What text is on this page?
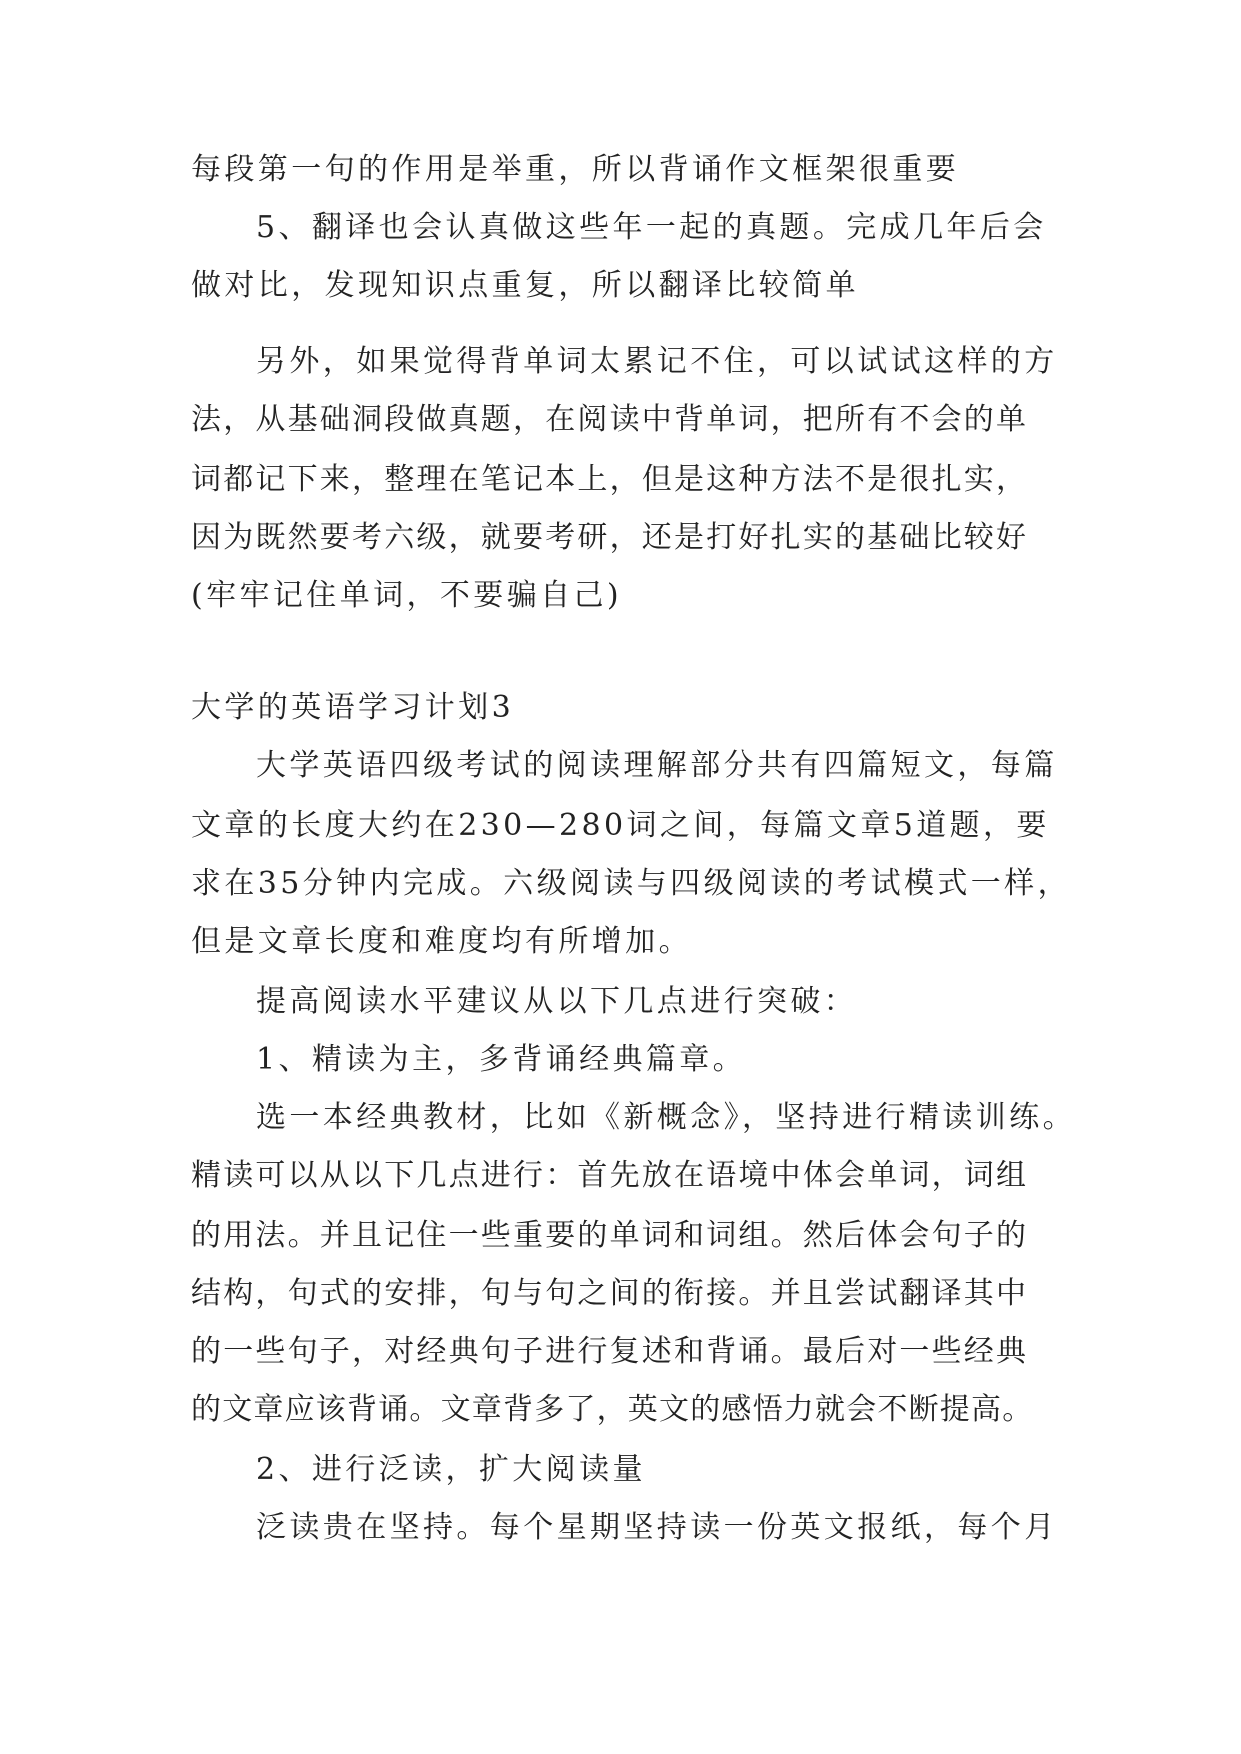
每段第一句的作用是举重，所以背诵作文框架很重要
5、翻译也会认真做这些年一起的真题。完成几年后会
做对比，发现知识点重复，所以翻译比较简单
另外，如果觉得背单词太累记不住，可以试试这样的方
法，从基础洞段做真题，在阅读中背单词，把所有不会的单
词都记下来，整理在笔记本上，但是这种方法不是很扎实，
因为既然要考六级，就要考研，还是打好扎实的基础比较好
(牢牢记住单词，不要骗自己)
大学的英语学习计划3
大学英语四级考试的阅读理解部分共有四篇短文，每篇
文章的长度大约在230—280词之间，每篇文章5道题，要
求在35分钟内完成。六级阅读与四级阅读的考试模式一样，
但是文章长度和难度均有所增加。
提高阅读水平建议从以下几点进行突破：
1、精读为主，多背诵经典篇章。
选一本经典教材，比如《新概念》，坚持进行精读训练。
精读可以从以下几点进行：首先放在语境中体会单词，词组
的用法。并且记住一些重要的单词和词组。然后体会句子的
结构，句式的安排，句与句之间的衔接。并且尝试翻译其中
的一些句子，对经典句子进行复述和背诵。最后对一些经典
的文章应该背诵。文章背多了，英文的感悟力就会不断提高。
2、进行泛读，扩大阅读量
泛读贵在坚持。每个星期坚持读一份英文报纸，每个月
